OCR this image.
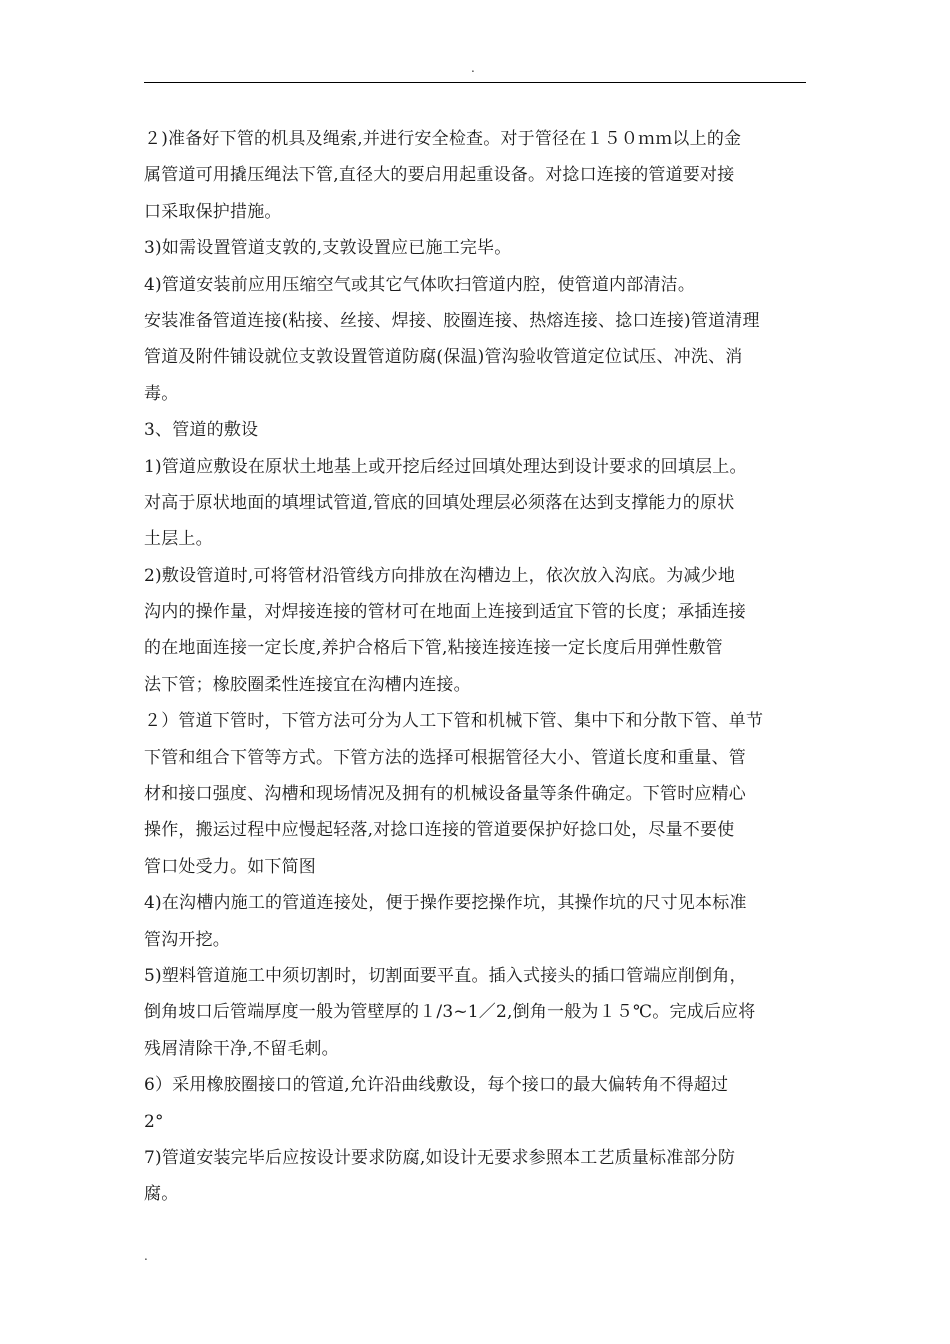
.
２)准备好下管的机具及绳索,并进行安全检查。对于管径在１５０ｍｍ以上的金
属管道可用撬压绳法下管,直径大的要启用起重设备。对捻口连接的管道要对接
口采取保护措施。
3)如需设置管道支敦的,支敦设置应已施工完毕。
4)管道安装前应用压缩空气或其它气体吹扫管道内腔，使管道内部清洁。
安装准备管道连接(粘接、丝接、焊接、胶圈连接、热熔连接、捻口连接)管道清理
管道及附件铺设就位支敦设置管道防腐(保温)管沟验收管道定位试压、冲洗、消
毒。
3、管道的敷设
1)管道应敷设在原状土地基上或开挖后经过回填处理达到设计要求的回填层上。
对高于原状地面的填埋试管道,管底的回填处理层必须落在达到支撑能力的原状
土层上。
2)敷设管道时,可将管材沿管线方向排放在沟槽边上，依次放入沟底。为减少地
沟内的操作量，对焊接连接的管材可在地面上连接到适宜下管的长度；承插连接
的在地面连接一定长度,养护合格后下管,粘接连接连接一定长度后用弹性敷管
法下管；橡胶圈柔性连接宜在沟槽内连接。
２）管道下管时，下管方法可分为人工下管和机械下管、集中下和分散下管、单节
下管和组合下管等方式。下管方法的选择可根据管径大小、管道长度和重量、管
材和接口强度、沟槽和现场情况及拥有的机械设备量等条件确定。下管时应精心
操作，搬运过程中应慢起轻落,对捻口连接的管道要保护好捻口处，尽量不要使
管口处受力。如下简图
4)在沟槽内施工的管道连接处，便于操作要挖操作坑，其操作坑的尺寸见本标准
管沟开挖。
5)塑料管道施工中须切割时，切割面要平直。插入式接头的插口管端应削倒角，
倒角坡口后管端厚度一般为管壁厚的１/3~1／2,倒角一般为１５℃。完成后应将
残屑清除干净,不留毛刺。
6）采用橡胶圈接口的管道,允许沿曲线敷设，每个接口的最大偏转角不得超过
2°
7)管道安装完毕后应按设计要求防腐,如设计无要求参照本工艺质量标准部分防
腐。
.
